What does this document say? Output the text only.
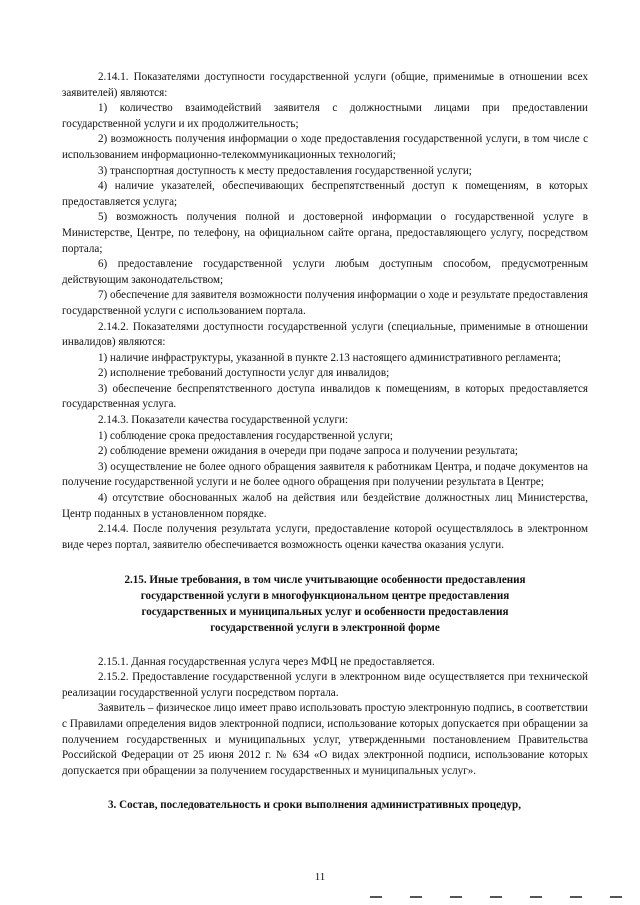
2.14.1. Показателями доступности государственной услуги (общие, применимые в отношении всех заявителей) являются:

1) количество взаимодействий заявителя с должностными лицами при предоставлении государственной услуги и их продолжительность;

2) возможность получения информации о ходе предоставления государственной услуги, в том числе с использованием информационно-телекоммуникационных технологий;

3) транспортная доступность к месту предоставления государственной услуги;

4) наличие указателей, обеспечивающих беспрепятственный доступ к помещениям, в которых предоставляется услуга;

5) возможность получения полной и достоверной информации о государственной услуге в Министерстве, Центре, по телефону, на официальном сайте органа, предоставляющего услугу, посредством портала;

6) предоставление государственной услуги любым доступным способом, предусмотренным действующим законодательством;

7) обеспечение для заявителя возможности получения информации о ходе и результате предоставления государственной услуги с использованием портала.

2.14.2. Показателями доступности государственной услуги (специальные, применимые в отношении инвалидов) являются:

1) наличие инфраструктуры, указанной в пункте 2.13 настоящего административного регламента;

2) исполнение требований доступности услуг для инвалидов;

3) обеспечение беспрепятственного доступа инвалидов к помещениям, в которых предоставляется государственная услуга.

2.14.3. Показатели качества государственной услуги:

1) соблюдение срока предоставления государственной услуги;

2) соблюдение времени ожидания в очереди при подаче запроса и получении результата;

3) осуществление не более одного обращения заявителя к работникам Центра, и подаче документов на получение государственной услуги и не более одного обращения при получении результата в Центре;

4) отсутствие обоснованных жалоб на действия или бездействие должностных лиц Министерства, Центр поданных в установленном порядке.

2.14.4. После получения результата услуги, предоставление которой осуществлялось в электронном виде через портал, заявителю обеспечивается возможность оценки качества оказания услуги.

2.15. Иные требования, в том числе учитывающие особенности предоставления
государственной услуги в многофункциональном центре предоставления
государственных и муниципальных услуг и особенности предоставления
государственной услуги в электронной форме

2.15.1. Данная государственная услуга через МФЦ не предоставляется.

2.15.2. Предоставление государственной услуги в электронном виде осуществляется при технической реализации государственной услуги посредством портала.

Заявитель – физическое лицо имеет право использовать простую электронную подпись, в соответствии с Правилами определения видов электронной подписи, использование которых допускается при обращении за получением государственных и муниципальных услуг, утвержденными постановлением Правительства Российской Федерации от 25 июня 2012 г. № 634 «О видах электронной подписи, использование которых допускается при обращении за получением государственных и муниципальных услуг».

3. Состав, последовательность и сроки выполнения административных процедур,

11
